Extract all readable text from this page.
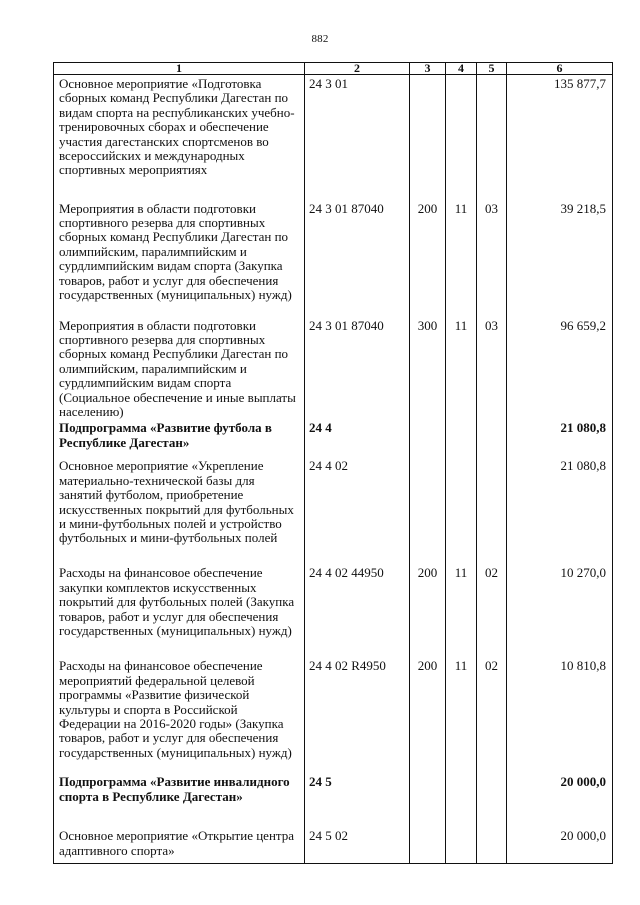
882
1	2	3	4	5	6
Основное мероприятие «Подготовка сборных команд Республики Дагестан по видам спорта на республиканских учебно-тренировочных сборах и обеспечение участия дагестанских спортсменов во всероссийских и международных спортивных мероприятиях	24 3 01				135 877,7
Мероприятия в области подготовки спортивного резерва для спортивных сборных команд Республики Дагестан по олимпийским, паралимпийским и сурдлимпийским видам спорта (Закупка товаров, работ и услуг для обеспечения государственных (муниципальных) нужд)	24 3 01 87040	200	11	03	39 218,5
Мероприятия в области подготовки спортивного резерва для спортивных сборных команд Республики Дагестан по олимпийским, паралимпийским и сурдлимпийским видам спорта (Социальное обеспечение и иные выплаты населению)	24 3 01 87040	300	11	03	96 659,2
Подпрограмма «Развитие футбола в Республике Дагестан»	24 4				21 080,8
Основное мероприятие «Укрепление материально-технической базы для занятий футболом, приобретение искусственных покрытий для футбольных и мини-футбольных полей и устройство футбольных и мини-футбольных полей	24 4 02				21 080,8
Расходы на финансовое обеспечение закупки комплектов искусственных покрытий для футбольных полей (Закупка товаров, работ и услуг для обеспечения государственных (муниципальных) нужд)	24 4 02 44950	200	11	02	10 270,0
Расходы на финансовое обеспечение мероприятий федеральной целевой программы «Развитие физической культуры и спорта в Российской Федерации на 2016-2020 годы» (Закупка товаров, работ и услуг для обеспечения государственных (муниципальных) нужд)	24 4 02 R4950	200	11	02	10 810,8
Подпрограмма «Развитие инвалидного спорта в Республике Дагестан»	24 5				20 000,0
Основное мероприятие «Открытие центра адаптивного спорта»	24 5 02				20 000,0
